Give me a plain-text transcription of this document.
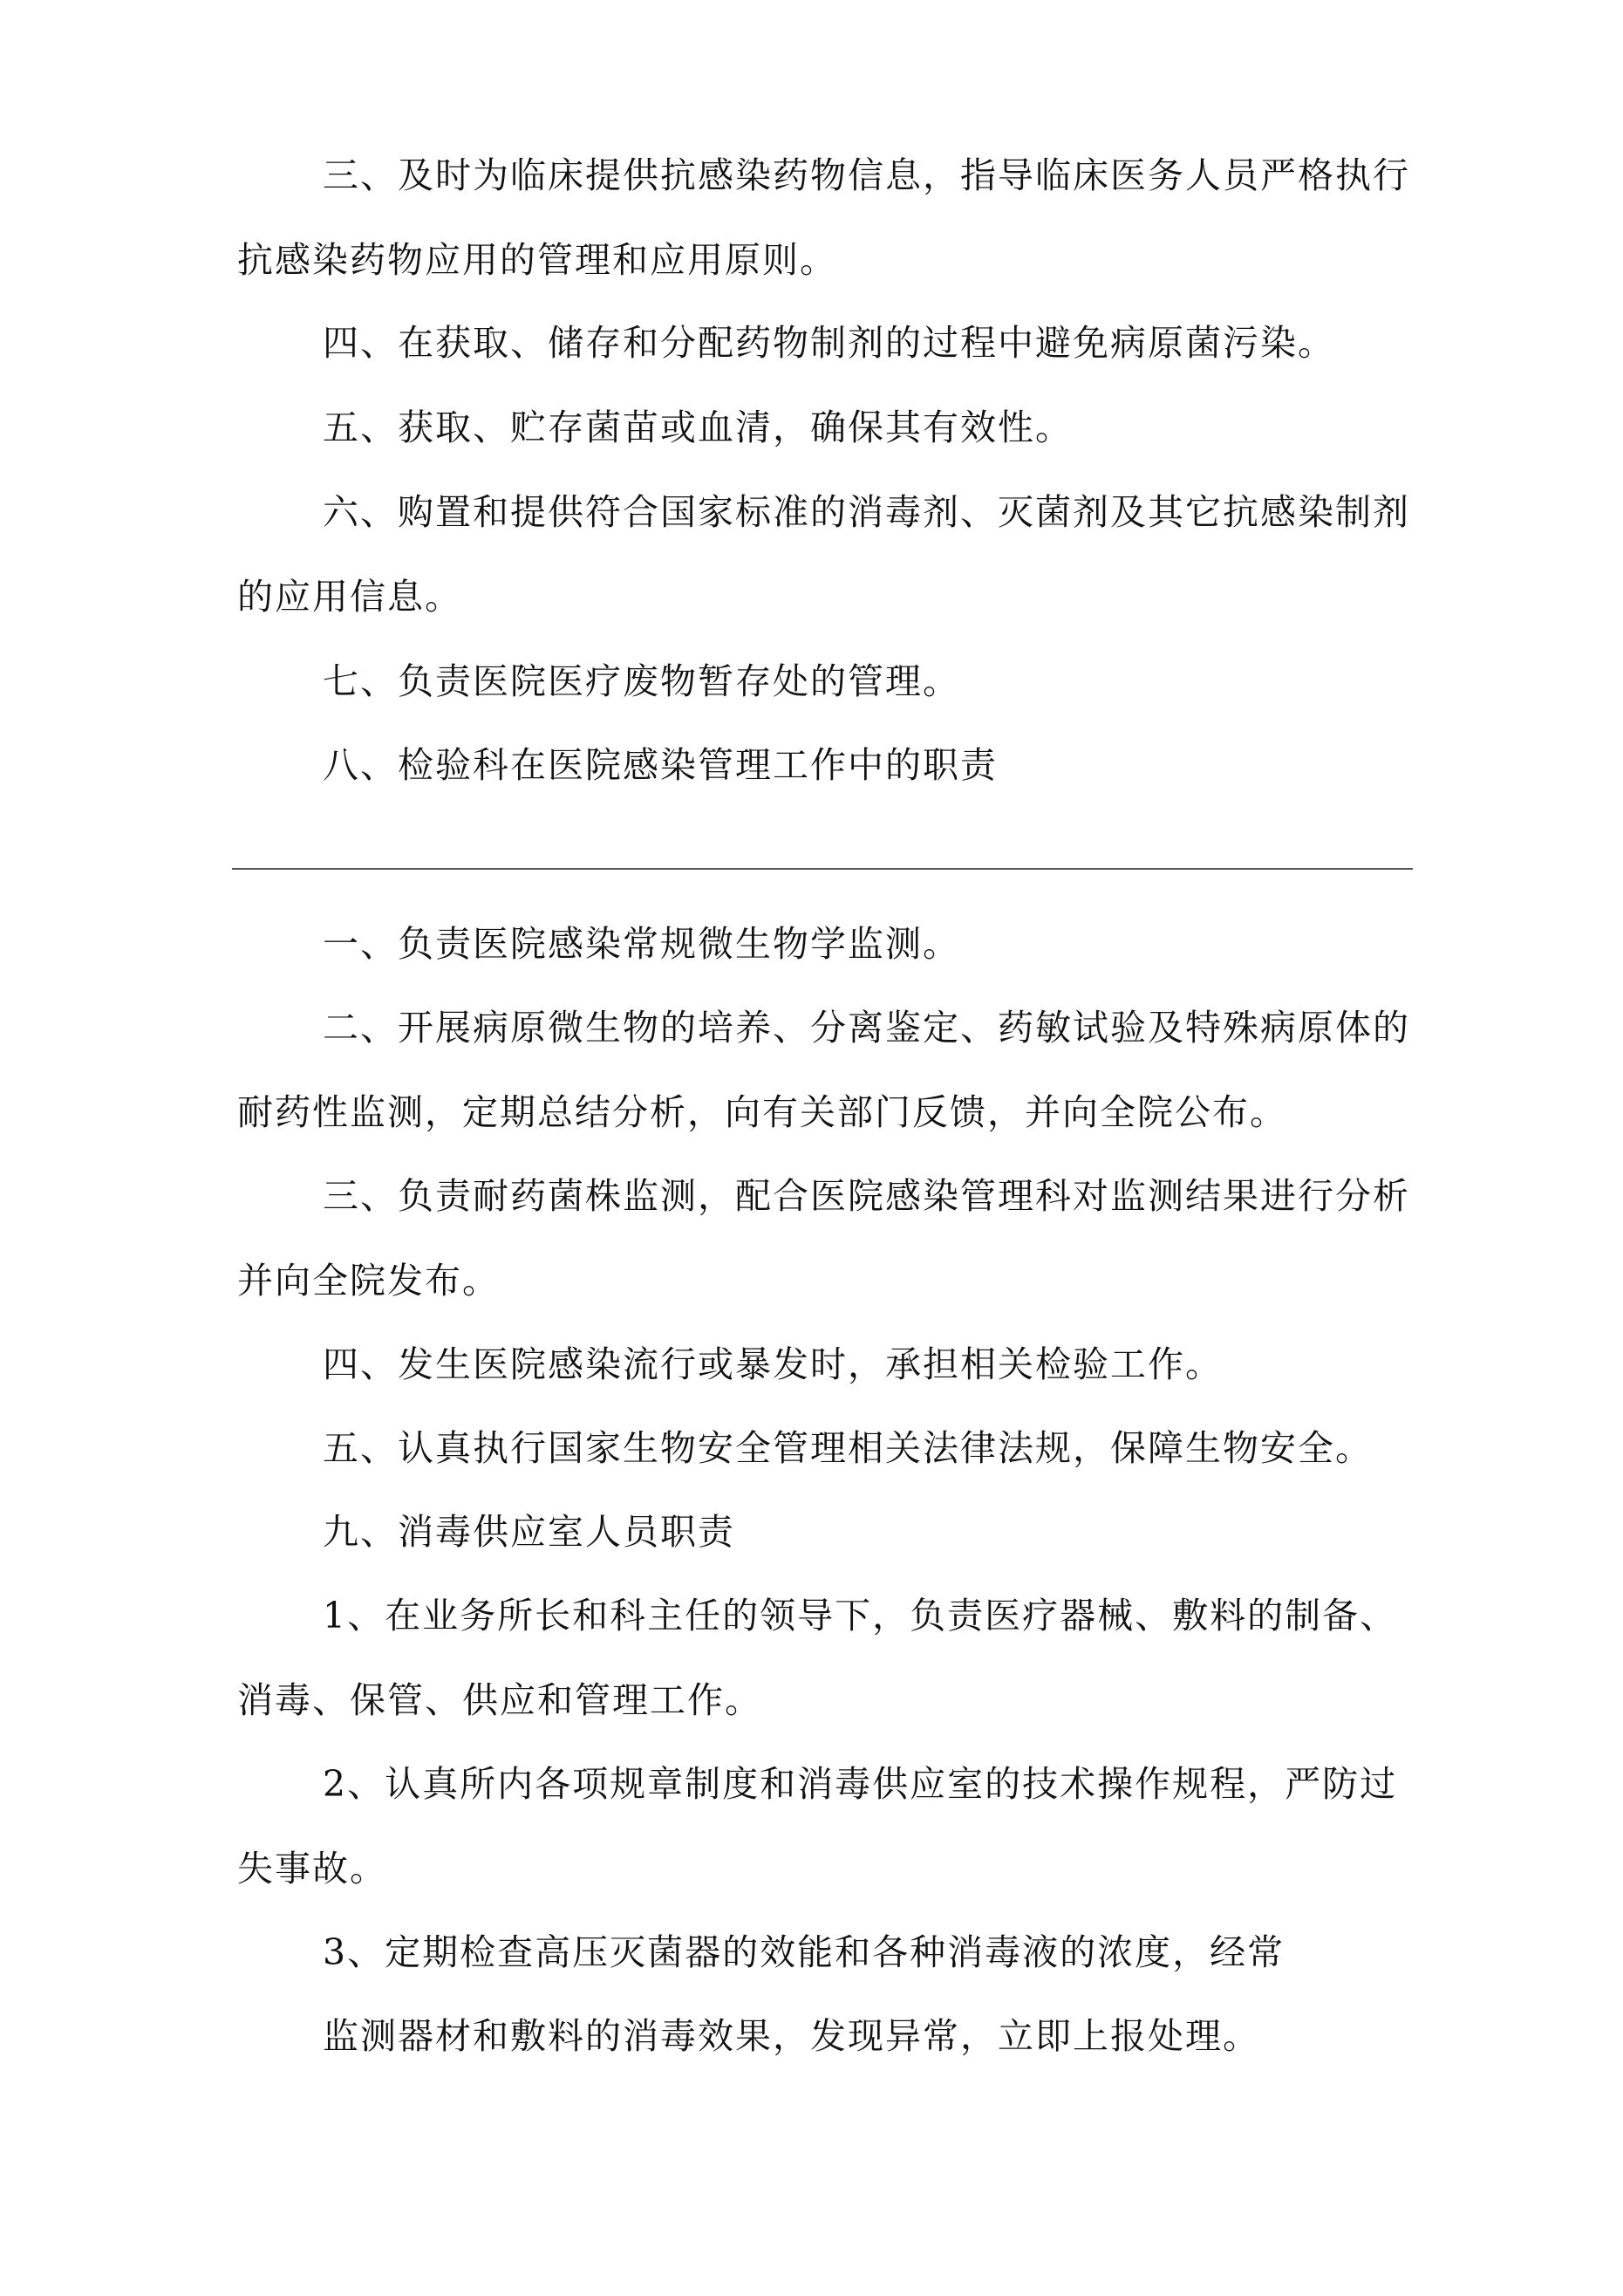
三、及时为临床提供抗感染药物信息，指导临床医务人员严格执行抗感染药物应用的管理和应用原则。

四、在获取、储存和分配药物制剂的过程中避免病原菌污染。

五、获取、贮存菌苗或血清，确保其有效性。

六、购置和提供符合国家标准的消毒剂、灭菌剂及其它抗感染制剂的应用信息。

七、负责医院医疗废物暂存处的管理。

八、检验科在医院感染管理工作中的职责

一、负责医院感染常规微生物学监测。

二、开展病原微生物的培养、分离鉴定、药敏试验及特殊病原体的耐药性监测，定期总结分析，向有关部门反馈，并向全院公布。

三、负责耐药菌株监测，配合医院感染管理科对监测结果进行分析并向全院发布。

四、发生医院感染流行或暴发时，承担相关检验工作。

五、认真执行国家生物安全管理相关法律法规，保障生物安全。

九、消毒供应室人员职责

1、在业务所长和科主任的领导下，负责医疗器械、敷料的制备、消毒、保管、供应和管理工作。

2、认真所内各项规章制度和消毒供应室的技术操作规程，严防过失事故。

3、定期检查高压灭菌器的效能和各种消毒液的浓度，经常

监测器材和敷料的消毒效果，发现异常，立即上报处理。
